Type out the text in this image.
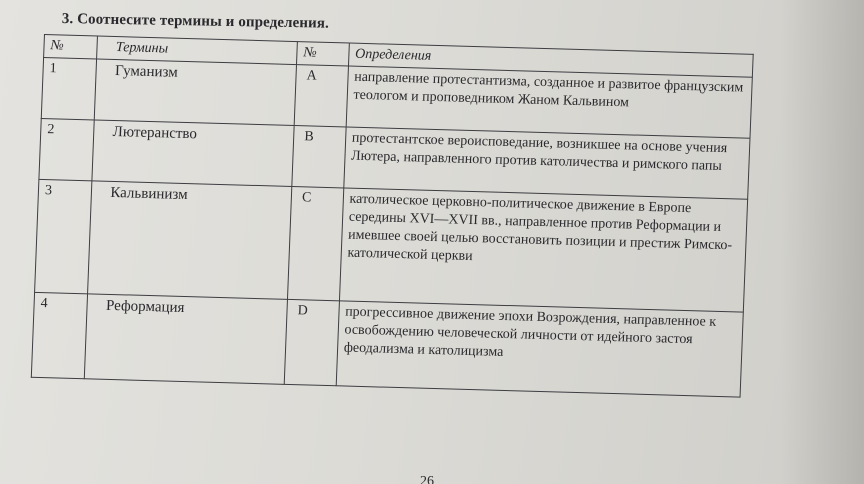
3. Соотнесите термины и определения.
№	Термины	№	Определения
1	Гуманизм	A	направление протестантизма, созданное и развитое французским теологом и проповедником Жаном Кальвином
2	Лютеранство	B	протестантское вероисповедание, возникшее на основе учения Лютера, направленного против католичества и римского папы
3	Кальвинизм	C	католическое церковно-политическое движение в Европе середины XVI—XVII вв., направленное против Реформации и имевшее своей целью восстановить позиции и престиж Римско-католической церкви
4	Реформация	D	прогрессивное движение эпохи Возрождения, направленное к освобождению человеческой личности от идейного застоя феодализма и католицизма
26
